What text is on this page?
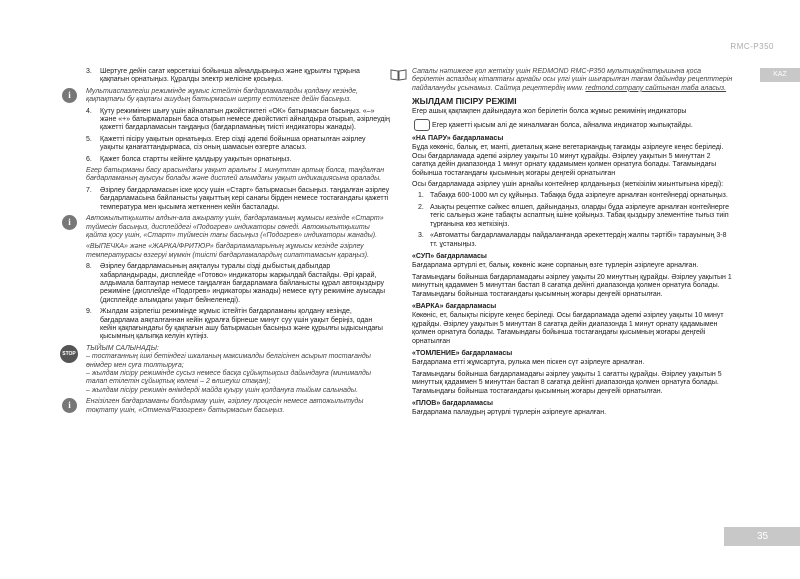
RMC-P350
KAZ
35
3.	Шертуге дейін сағат көрсеткіші бойынша айналдырыңыз және құрылғы тұрқына қақпағын орнатыңыз. Құралды электр желісіне қосыңыз.
i	Мультиаспазлегіш режимінде жұмыс істейтін бағдарламаларды қолдану кезінде, қақпақтағы бу қақпағы ашудың батырмасын шерту естілгенге дейін басыңыз.
4.	Қуту режимінен шығу үшін айналатын джойстиктегі «ОК» батырмасын басыңыз. «–» және «+» батырмаларын баса отырып немесе джойстикті айналдыра отырып, әзірлеудің қажетті бағдарламасын таңдаңыз (бағдарламаның тиісті индикаторы жанады).
5.	Қажетті пісіру уақытын орнатыңыз. Егер сізді әдепкі бойынша орнатылған әзірлеу уақыты қанағаттандырмаса, сіз оның шамасын өзгерте аласыз.
6.	Қажет болса стартты кейінге қалдыру уақытын орнатыңыз.
Егер батырманы басу арасындағы уақыт аралығы 1 минуттан артық болса, таңдалған бағдарламаның ауысуы болады және дисплей алымдағы уақыт индикациясына оралады.
7.	Әзірлеу бағдарламасын іске қосу үшін «Старт» батырмасын басыңыз. таңдалған әзірлеу бағдарламасына байланысты уақыттың кері санағы бірден немесе тостағандағы қажетті температура мен қысымға жеткеннен кейін басталады.
i	Автожылытқышты алдын-ала ажырату үшін, бағдарламаның жұмысы кезінде «Старт» түймесін басыңыз, дисплейдегі «Подогрев» индикаторы сөнеді. Автожылытқышты қайта қосу үшін, «Старт» түймесін тағы басыңыз («Подогрев» индикаторы жанады).
«ВЫПЕЧКА» және «ЖАРКА/ФРИТЮР» бағдарламаларының жұмысы кезінде әзірлеу температурасы өзгеруі мүмкін (тиісті бағдарламалардың сипаттамасын қараңыз).
8.	Әзірлеу бағдарламасының аяқталуы туралы сізді дыбыстық дабылдар хабарландырады, дисплейде «Готово» индикаторы жарқылдай бастайды. Әрі қарай, алдымала баптаулар немесе таңдалған бағдарламаға байланысты құрал автоқыздыру режиміне (дисплейде «Подогрев» индикаторы жанады) немесе күту режиміне ауысады (дисплейде алымдағы уақыт бейнеленеді).
9.	Жылдам әзірлегіш режимінде жұмыс істейтін бағдарламаны қолдану кезінде, бағдарлама аяқталғаннан кейін құралға бірнеше минут суу үшін уақыт беріңіз, одан кейін қақпағындағы бу қақпағын ашу батырмасын басыңыз және құрылғы ыдысындағы қысымның қалыпқа келуін күтіңіз.
STOP
ТЫЙЫМ САЛЫНАДЫ:
– тостағанның ішкі бетіндегі шкаланың максималды белгісінен асырып тостағанды өнімдер мен суға толтыруға;
– жылдам пісіру режимінде сусыз немесе басқа сұйықтықсыз дайындауға (минималды талап етілетін сұйықтық көлемі – 2 өлшеуіш стақан);
– жылдам пісіру режимін өнімдерді майда қуыру үшін қолдануға тыйым салынады.
i	Енгізілген бағдарламаны болдырмау үшін, әзірлеу процесін немесе автожылытуды тоқтату үшін, «Отмена/Разогрев» батырмасын басыңыз.
Сапалы нәтижеге қол жеткізу үшін REDMOND RMC-P350 мультиқайнатқышына қоса берілетін аспаздық кітаптағы арнайы осы үлгі үшін шығарылған тағам дайындау рецепттерін пайдалануды ұсынамыз. Сайтқа рецептердің www. redmond.company сайтынан таба аласыз.
ЖЫЛДАМ ПІСІРУ РЕЖІМІ

Егер ашық қақпақпен дайындауға жол берілетін болса жұмыс режимінің индикаторы

Егер қажетті қысым алі де жиналмаған болса, айналма индикатор жыпықтайды.

«НА ПАРУ» бағдарламасы

Бұда көкөніс, балық, ет, манті, диеталық және вегетариандық тағамды әзірлеуге кеңес беріледі. Осы бағдарламада әдепкі әзірлеу уақыты 10 минут құрайды. Әзірлеу уақытын 5 минуттан 2 сағатқа дейін диапазонда 1 минут орнату қадамымен қолмен орнатуға болады. Тағамындағы бойынша тостағандағы қысымның жоғары деңгейі орнатылған

Осы бағдарламада әзірлеу үшін арнайы контейнер қолданыңыз (жеткізілім жиынтығына кіреді):

1. Табаққа 600-1000 мл су құйыңыз. Табаққа бұда әзірлеуге арналған контейнерді орнатыңыз.
2. Азықты рецептке сәйкес өлшеп, дайындаңыз, оларды бұда әзірлеуге арналған контейнерге тегіс салыңыз және табақты аспаптың ішіне қойыңыз. Табақ қыздыру элементіне тығыз тиіп тұрғанына көз жеткізіңіз.
3. «Автоматты бағдарламаларды пайдаланғанда әрекеттердің жалпы тәртібі» тарауының 3-8 тт. ұстаныңыз.
«СУП» бағдарламасы

Бағдарлама әртүрлі ет, балық, көкөніс және сорпаның өзге түрлерін әзірлеуге арналған.

Тағамындағы бойынша бағдарламадағы әзірлеу уақыты 20 минуттың құрайды. Әзірлеу уақытын 1 минуттың қадаммен 5 минуттан бастап 8 сағатқа дейінгі диапазонда қолмен орнатуға болады. Тағамындағы бойынша тостағандағы қысымның жоғары деңгейі орнатылған.

«ВАРКА» бағдарламасы

Көкөніс, ет, балықты пісіруге кеңес беріледі. Осы бағдарламада әдепкі әзірлеу уақыты 10 минут құрайды. Әзірлеу уақытын 5 минуттан 8 сағатқа дейін диапазонда 1 минут орнату қадамымен қолмен орнатуға болады. Тағамындағы бойынша тостағандағы қысымның жоғары деңгейі орнатылған

«ТОМЛЕНИЕ» бағдарламасы

Бағдарлама етті жұмсартуға, рулька мен піскен сүт әзірлеуге арналған.

Тағамындағы бойынша бағдарламадағы әзірлеу уақыты 1 сағатты құрайды. Әзірлеу уақытын 5 минуттық қадаммен 5 минуттан бастап 8 сағатқа дейінгі диапазонда қолмен орнатуға болады. Тағамындағы бойынша тостағандағы қысымның жоғары деңгейі орнатылған.

«ПЛОВ» бағдарламасы

Бағдарлама палаудың әртүрлі түрлерін әзірлеуге арналған.
